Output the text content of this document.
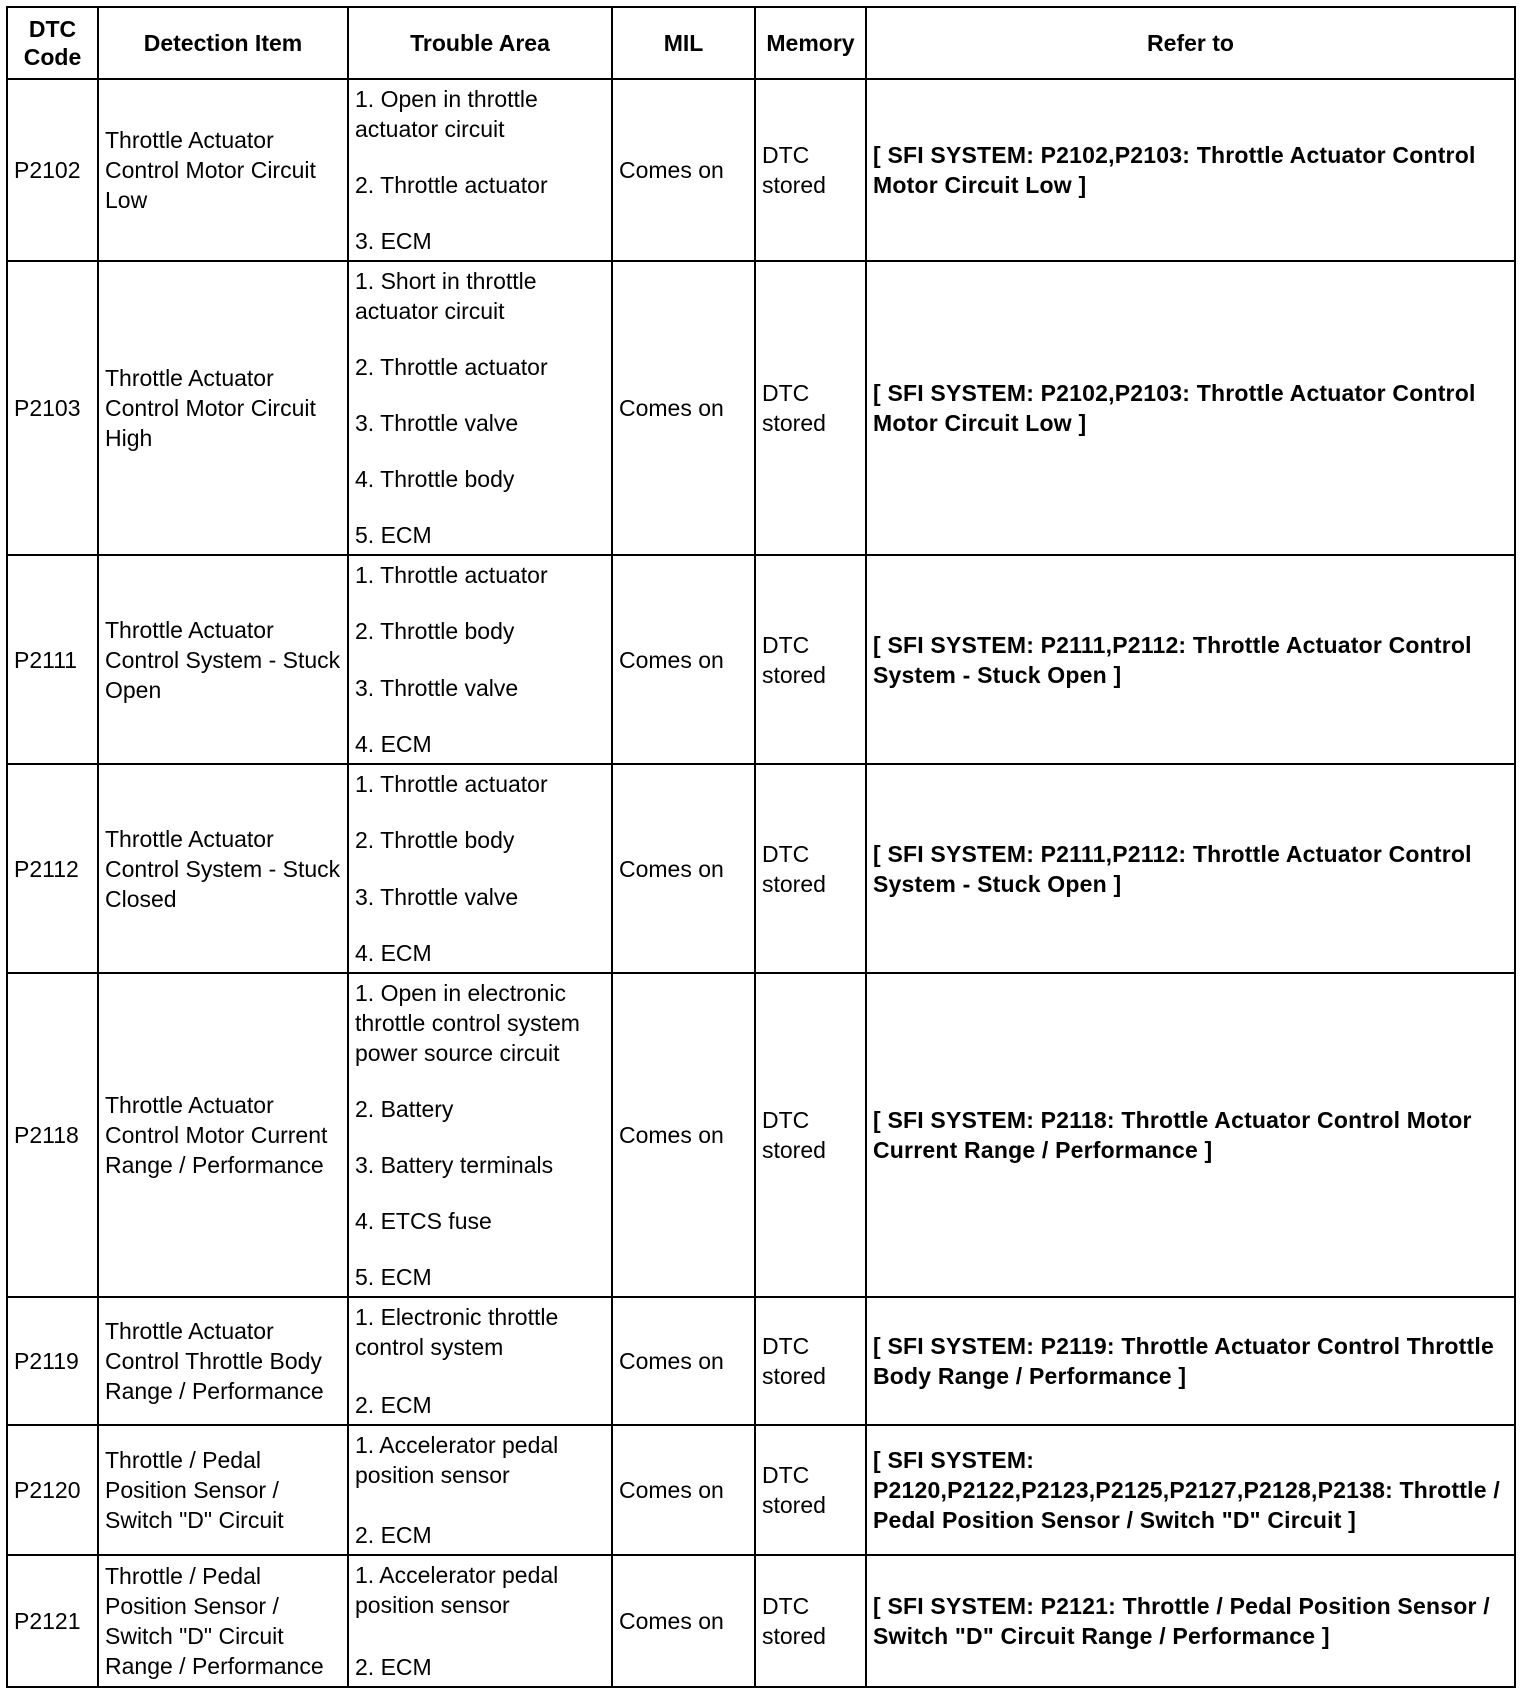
DTC Code	Detection Item	Trouble Area	MIL	Memory	Refer to
P2102	Throttle Actuator Control Motor Circuit Low	1. Open in throttle actuator circuit
2. Throttle actuator
3. ECM	Comes on	DTC stored	[ SFI SYSTEM: P2102,P2103: Throttle Actuator Control Motor Circuit Low ]
P2103	Throttle Actuator Control Motor Circuit High	1. Short in throttle actuator circuit
2. Throttle actuator
3. Throttle valve
4. Throttle body
5. ECM	Comes on	DTC stored	[ SFI SYSTEM: P2102,P2103: Throttle Actuator Control Motor Circuit Low ]
P2111	Throttle Actuator Control System - Stuck Open	1. Throttle actuator
2. Throttle body
3. Throttle valve
4. ECM	Comes on	DTC stored	[ SFI SYSTEM: P2111,P2112: Throttle Actuator Control System - Stuck Open ]
P2112	Throttle Actuator Control System - Stuck Closed	1. Throttle actuator
2. Throttle body
3. Throttle valve
4. ECM	Comes on	DTC stored	[ SFI SYSTEM: P2111,P2112: Throttle Actuator Control System - Stuck Open ]
P2118	Throttle Actuator Control Motor Current Range / Performance	1. Open in electronic throttle control system power source circuit
2. Battery
3. Battery terminals
4. ETCS fuse
5. ECM	Comes on	DTC stored	[ SFI SYSTEM: P2118: Throttle Actuator Control Motor Current Range / Performance ]
P2119	Throttle Actuator Control Throttle Body Range / Performance	1. Electronic throttle control system
2. ECM	Comes on	DTC stored	[ SFI SYSTEM: P2119: Throttle Actuator Control Throttle Body Range / Performance ]
P2120	Throttle / Pedal Position Sensor / Switch "D" Circuit	1. Accelerator pedal position sensor
2. ECM	Comes on	DTC stored	[ SFI SYSTEM: P2120,P2122,P2123,P2125,P2127,P2128,P2138: Throttle / Pedal Position Sensor / Switch "D" Circuit ]
P2121	Throttle / Pedal Position Sensor / Switch "D" Circuit Range / Performance	1. Accelerator pedal position sensor
2. ECM	Comes on	DTC stored	[ SFI SYSTEM: P2121: Throttle / Pedal Position Sensor / Switch "D" Circuit Range / Performance ]
